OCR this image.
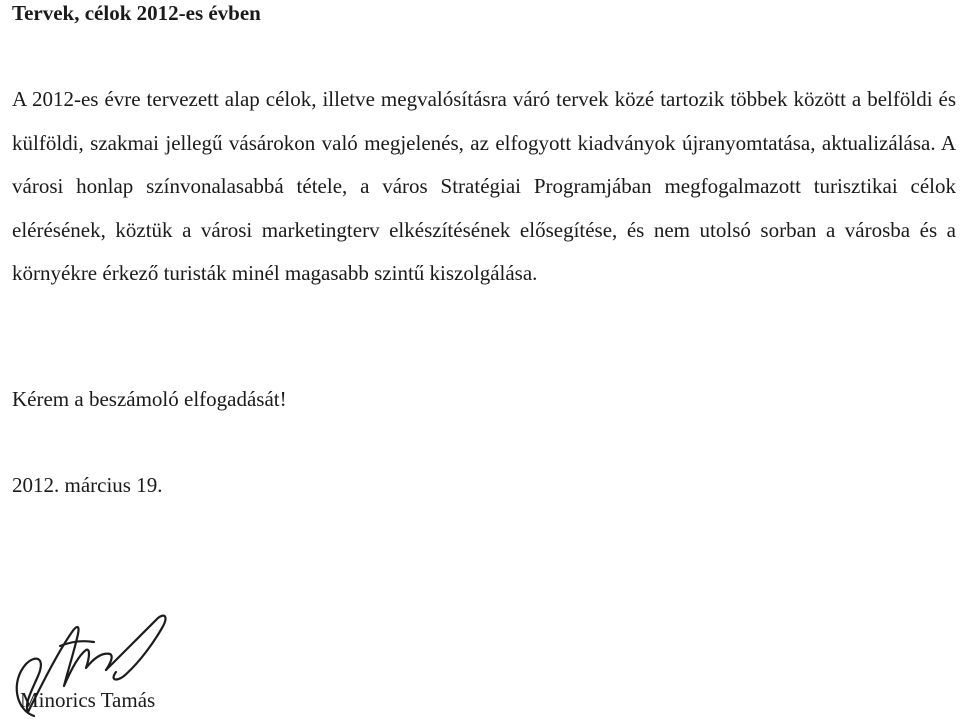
Tervek, célok 2012-es évben

A 2012-es évre tervezett alap célok, illetve megvalósításra váró tervek közé tartozik többek között a belföldi és külföldi, szakmai jellegű vásárokon való megjelenés, az elfogyott kiadványok újranyomtatása, aktualizálása. A városi honlap színvonalasabbá tétele, a város Stratégiai Programjában megfogalmazott turisztikai célok elérésének, köztük a városi marketingterv elkészítésének elősegítése, és nem utolsó sorban a városba és a környékre érkező turisták minél magasabb szintű kiszolgálása.

Kérem a beszámoló elfogadását!

2012. március 19.

Minorics Tamás
